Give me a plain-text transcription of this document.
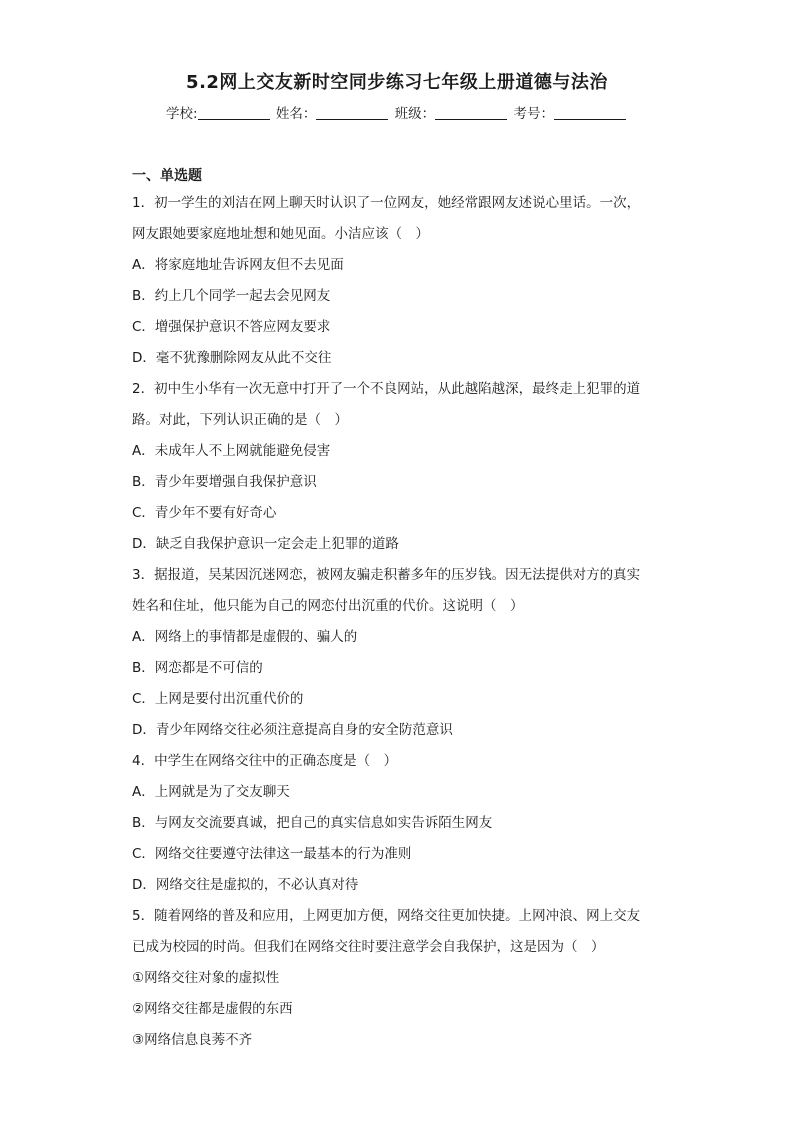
5.2网上交友新时空同步练习七年级上册道德与法治
学校:	姓名：	班级：	考号：
一、单选题
1．初一学生的刘洁在网上聊天时认识了一位网友，她经常跟网友述说心里话。一次，
网友跟她要家庭地址想和她见面。小洁应该（　）
A．将家庭地址告诉网友但不去见面
B．约上几个同学一起去会见网友
C．增强保护意识不答应网友要求
D．毫不犹豫删除网友从此不交往
2．初中生小华有一次无意中打开了一个不良网站，从此越陷越深，最终走上犯罪的道
路。对此，下列认识正确的是（　）
A．未成年人不上网就能避免侵害
B．青少年要增强自我保护意识
C．青少年不要有好奇心
D．缺乏自我保护意识一定会走上犯罪的道路
3．据报道，吴某因沉迷网恋，被网友骗走积蓄多年的压岁钱。因无法提供对方的真实
姓名和住址，他只能为自己的网恋付出沉重的代价。这说明（　）
A．网络上的事情都是虚假的、骗人的
B．网恋都是不可信的
C．上网是要付出沉重代价的
D．青少年网络交往必须注意提高自身的安全防范意识
4．中学生在网络交往中的正确态度是（　）
A．上网就是为了交友聊天
B．与网友交流要真诚，把自己的真实信息如实告诉陌生网友
C．网络交往要遵守法律这一最基本的行为准则
D．网络交往是虚拟的，不必认真对待
5．随着网络的普及和应用，上网更加方便，网络交往更加快捷。上网冲浪、网上交友
已成为校园的时尚。但我们在网络交往时要注意学会自我保护，这是因为（　）
①网络交往对象的虚拟性
②网络交往都是虚假的东西
③网络信息良莠不齐
